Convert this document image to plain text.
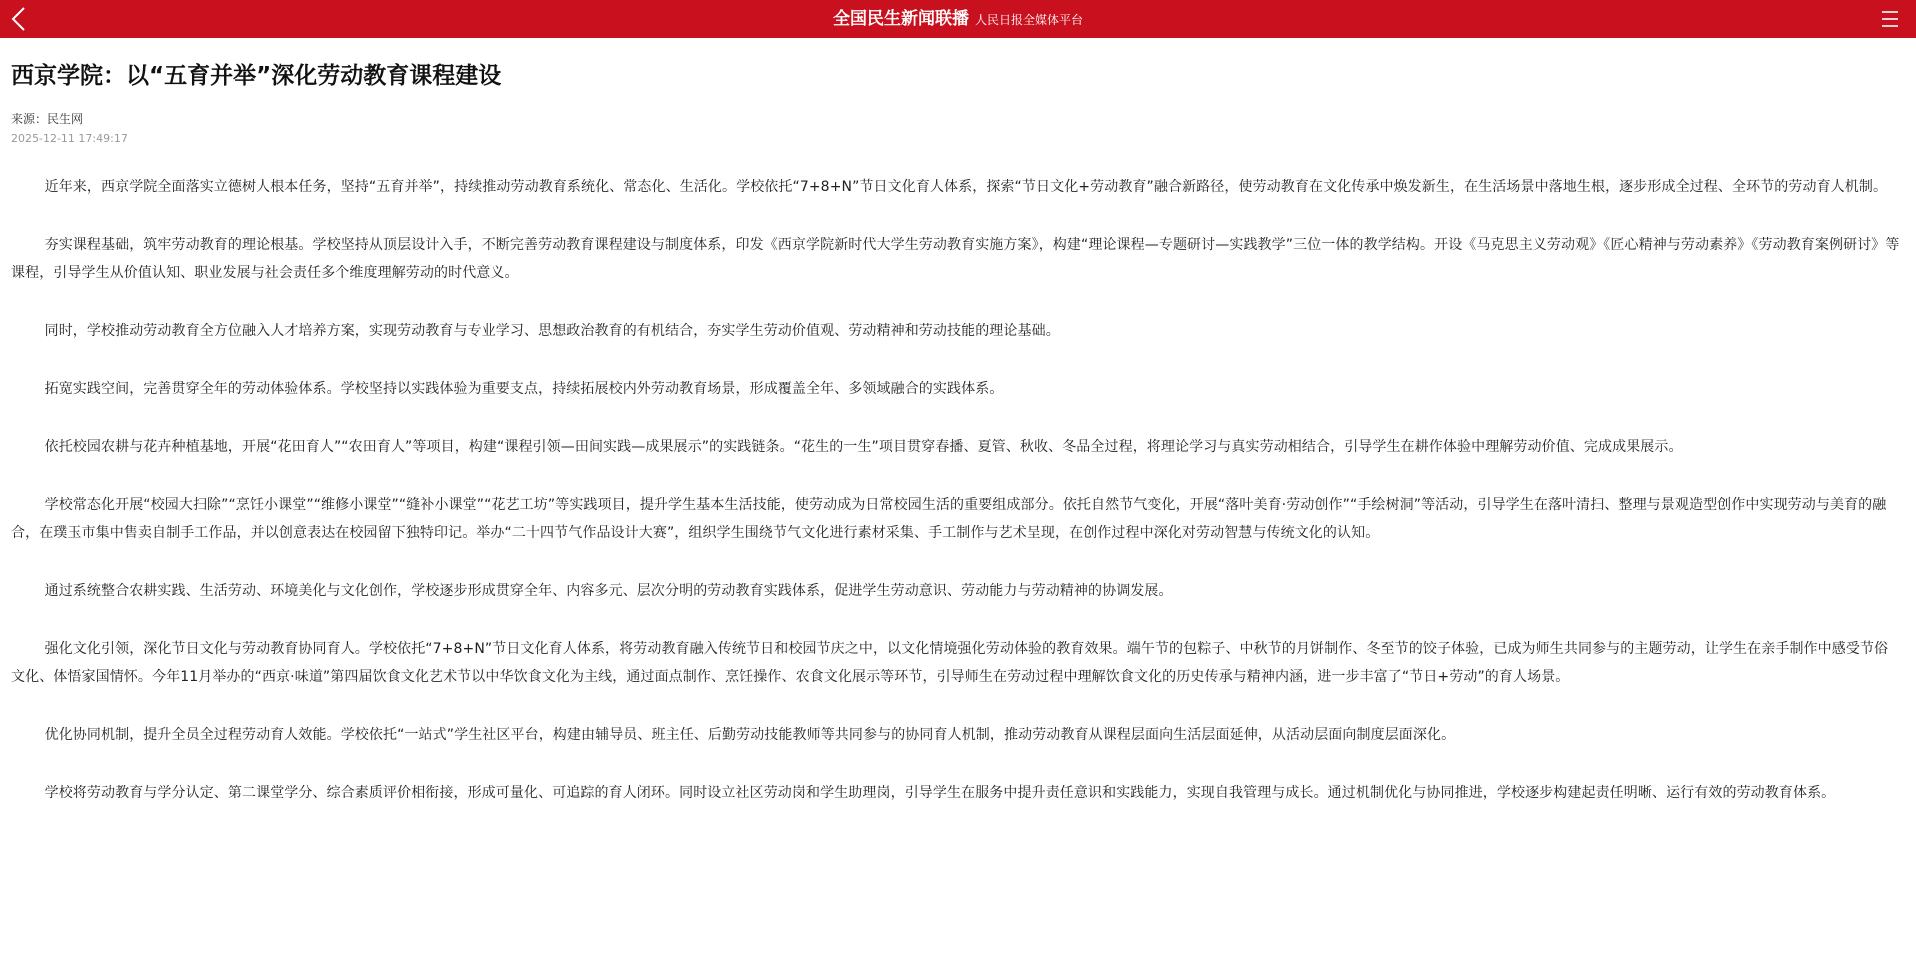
全国民生新闻联播 人民日报全媒体平台
西京学院：以“五育并举”深化劳动教育课程建设
来源：民生网
2025-12-11 17:49:17

近年来，西京学院全面落实立德树人根本任务，坚持“五育并举”，持续推动劳动教育系统化、常态化、生活化。学校依托“7+8+N”节日文化育人体系，探索“节日文化+劳动教育”融合新路径，使劳动教育在文化传承中焕发新生，在生活场景中落地生根，逐步形成全过程、全环节的劳动育人机制。

夯实课程基础，筑牢劳动教育的理论根基。学校坚持从顶层设计入手，不断完善劳动教育课程建设与制度体系，印发《西京学院新时代大学生劳动教育实施方案》，构建“理论课程—专题研讨—实践教学”三位一体的教学结构。开设《马克思主义劳动观》《匠心精神与劳动素养》《劳动教育案例研讨》等课程，引导学生从价值认知、职业发展与社会责任多个维度理解劳动的时代意义。

同时，学校推动劳动教育全方位融入人才培养方案，实现劳动教育与专业学习、思想政治教育的有机结合，夯实学生劳动价值观、劳动精神和劳动技能的理论基础。

拓宽实践空间，完善贯穿全年的劳动体验体系。学校坚持以实践体验为重要支点，持续拓展校内外劳动教育场景，形成覆盖全年、多领域融合的实践体系。

依托校园农耕与花卉种植基地，开展“花田育人”“农田育人”等项目，构建“课程引领—田间实践—成果展示”的实践链条。“花生的一生”项目贯穿春播、夏管、秋收、冬品全过程，将理论学习与真实劳动相结合，引导学生在耕作体验中理解劳动价值、完成成果展示。

学校常态化开展“校园大扫除”“烹饪小课堂”“维修小课堂”“缝补小课堂”“花艺工坊”等实践项目，提升学生基本生活技能，使劳动成为日常校园生活的重要组成部分。依托自然节气变化，开展“落叶美育·劳动创作”“手绘树洞”等活动，引导学生在落叶清扫、整理与景观造型创作中实现劳动与美育的融合，在璞玉市集中售卖自制手工作品，并以创意表达在校园留下独特印记。举办“二十四节气作品设计大赛”，组织学生围绕节气文化进行素材采集、手工制作与艺术呈现，在创作过程中深化对劳动智慧与传统文化的认知。

通过系统整合农耕实践、生活劳动、环境美化与文化创作，学校逐步形成贯穿全年、内容多元、层次分明的劳动教育实践体系，促进学生劳动意识、劳动能力与劳动精神的协调发展。

强化文化引领，深化节日文化与劳动教育协同育人。学校依托“7+8+N”节日文化育人体系，将劳动教育融入传统节日和校园节庆之中，以文化情境强化劳动体验的教育效果。端午节的包粽子、中秋节的月饼制作、冬至节的饺子体验，已成为师生共同参与的主题劳动，让学生在亲手制作中感受节俗文化、体悟家国情怀。今年11月举办的“西京·味道”第四届饮食文化艺术节以中华饮食文化为主线，通过面点制作、烹饪操作、农食文化展示等环节，引导师生在劳动过程中理解饮食文化的历史传承与精神内涵，进一步丰富了“节日+劳动”的育人场景。

优化协同机制，提升全员全过程劳动育人效能。学校依托“一站式”学生社区平台，构建由辅导员、班主任、后勤劳动技能教师等共同参与的协同育人机制，推动劳动教育从课程层面向生活层面延伸，从活动层面向制度层面深化。

学校将劳动教育与学分认定、第二课堂学分、综合素质评价相衔接，形成可量化、可追踪的育人闭环。同时设立社区劳动岗和学生助理岗，引导学生在服务中提升责任意识和实践能力，实现自我管理与成长。通过机制优化与协同推进，学校逐步构建起责任明晰、运行有效的劳动教育体系。
